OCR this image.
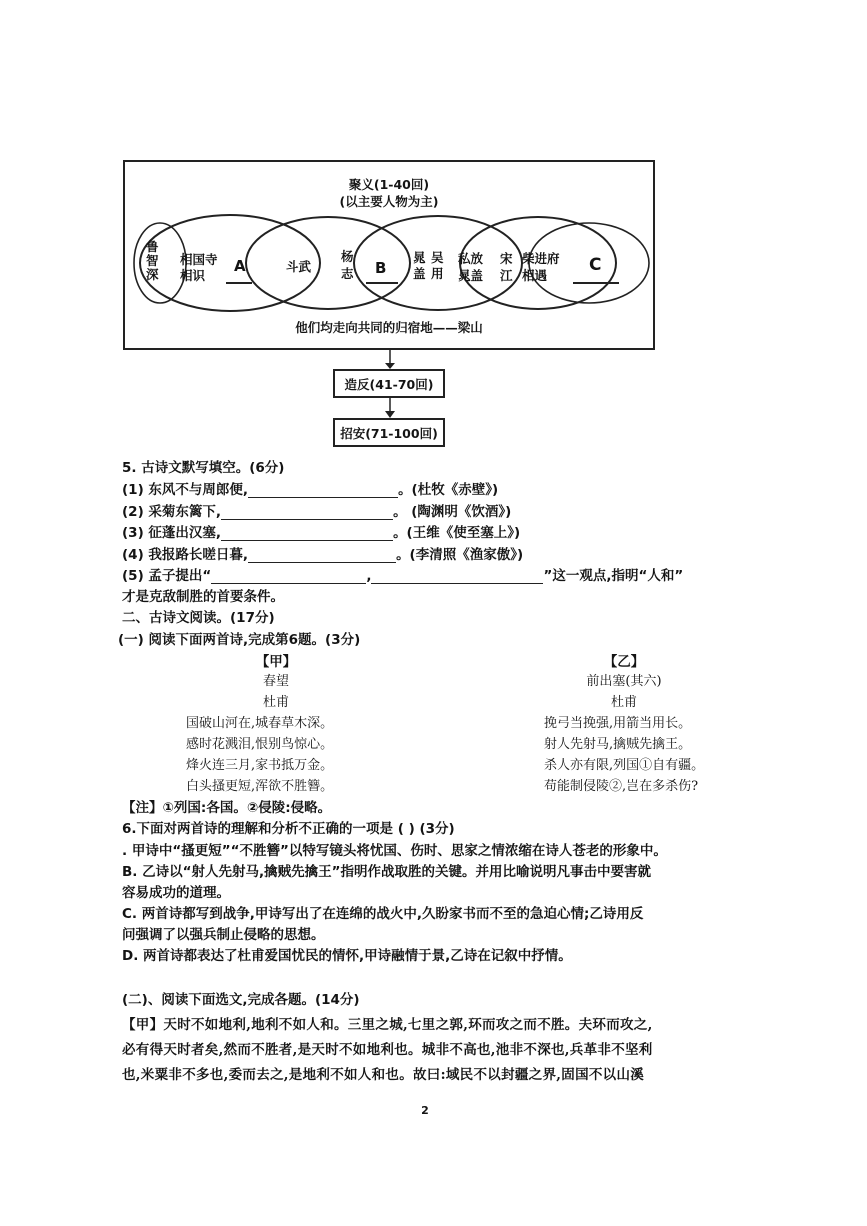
聚义(1-40回)
(以主要人物为主)
鲁智深
相国寺相识
A	斗武
杨志 B
晁盖
吴用
私放晁盖
宋江
柴进府相遇
C
他们均走向共同的归宿地——梁山
造反(41-70回)
招安(71-100回)
5. 古诗文默写填空。(6分)
(1) 东风不与周郎便,	。(杜牧《赤壁》)
(2) 采菊东篱下,	。 (陶渊明《饮酒》)
(3) 征蓬出汉塞,	。(王维《使至塞上》)
(4) 我报路长嗟日暮,	。(李清照《渔家傲》)
(5) 孟子提出“	,	”这一观点,指明“人和”
才是克敌制胜的首要条件。
二、古诗文阅读。(17分)
(一) 阅读下面两首诗,完成第6题。(3分)
【甲】
春望
杜甫
国破山河在,城春草木深。
感时花溅泪,恨别鸟惊心。
烽火连三月,家书抵万金。
白头搔更短,浑欲不胜簪。
【乙】
前出塞(其六)
杜甫
挽弓当挽强,用箭当用长。
射人先射马,擒贼先擒王。
杀人亦有限,列国①自有疆。
苟能制侵陵②,岂在多杀伤?
【注】①列国:各国。②侵陵:侵略。
6.下面对两首诗的理解和分析不正确的一项是 ( ) (3分)
. 甲诗中“搔更短”“不胜簪”以特写镜头将忧国、伤时、思家之情浓缩在诗人苍老的形象中。
B. 乙诗以“射人先射马,擒贼先擒王”指明作战取胜的关键。并用比喻说明凡事击中要害就
容易成功的道理。
C. 两首诗都写到战争,甲诗写出了在连绵的战火中,久盼家书而不至的急迫心情;乙诗用反
问强调了以强兵制止侵略的思想。
D. 两首诗都表达了杜甫爱国忧民的情怀,甲诗融情于景,乙诗在记叙中抒情。
(二)、阅读下面选文,完成各题。(14分)
【甲】天时不如地利,地利不如人和。三里之城,七里之郭,环而攻之而不胜。夫环而攻之,
必有得天时者矣,然而不胜者,是天时不如地利也。城非不高也,池非不深也,兵革非不坚利
也,米粟非不多也,委而去之,是地利不如人和也。故曰:域民不以封疆之界,固国不以山溪
2
